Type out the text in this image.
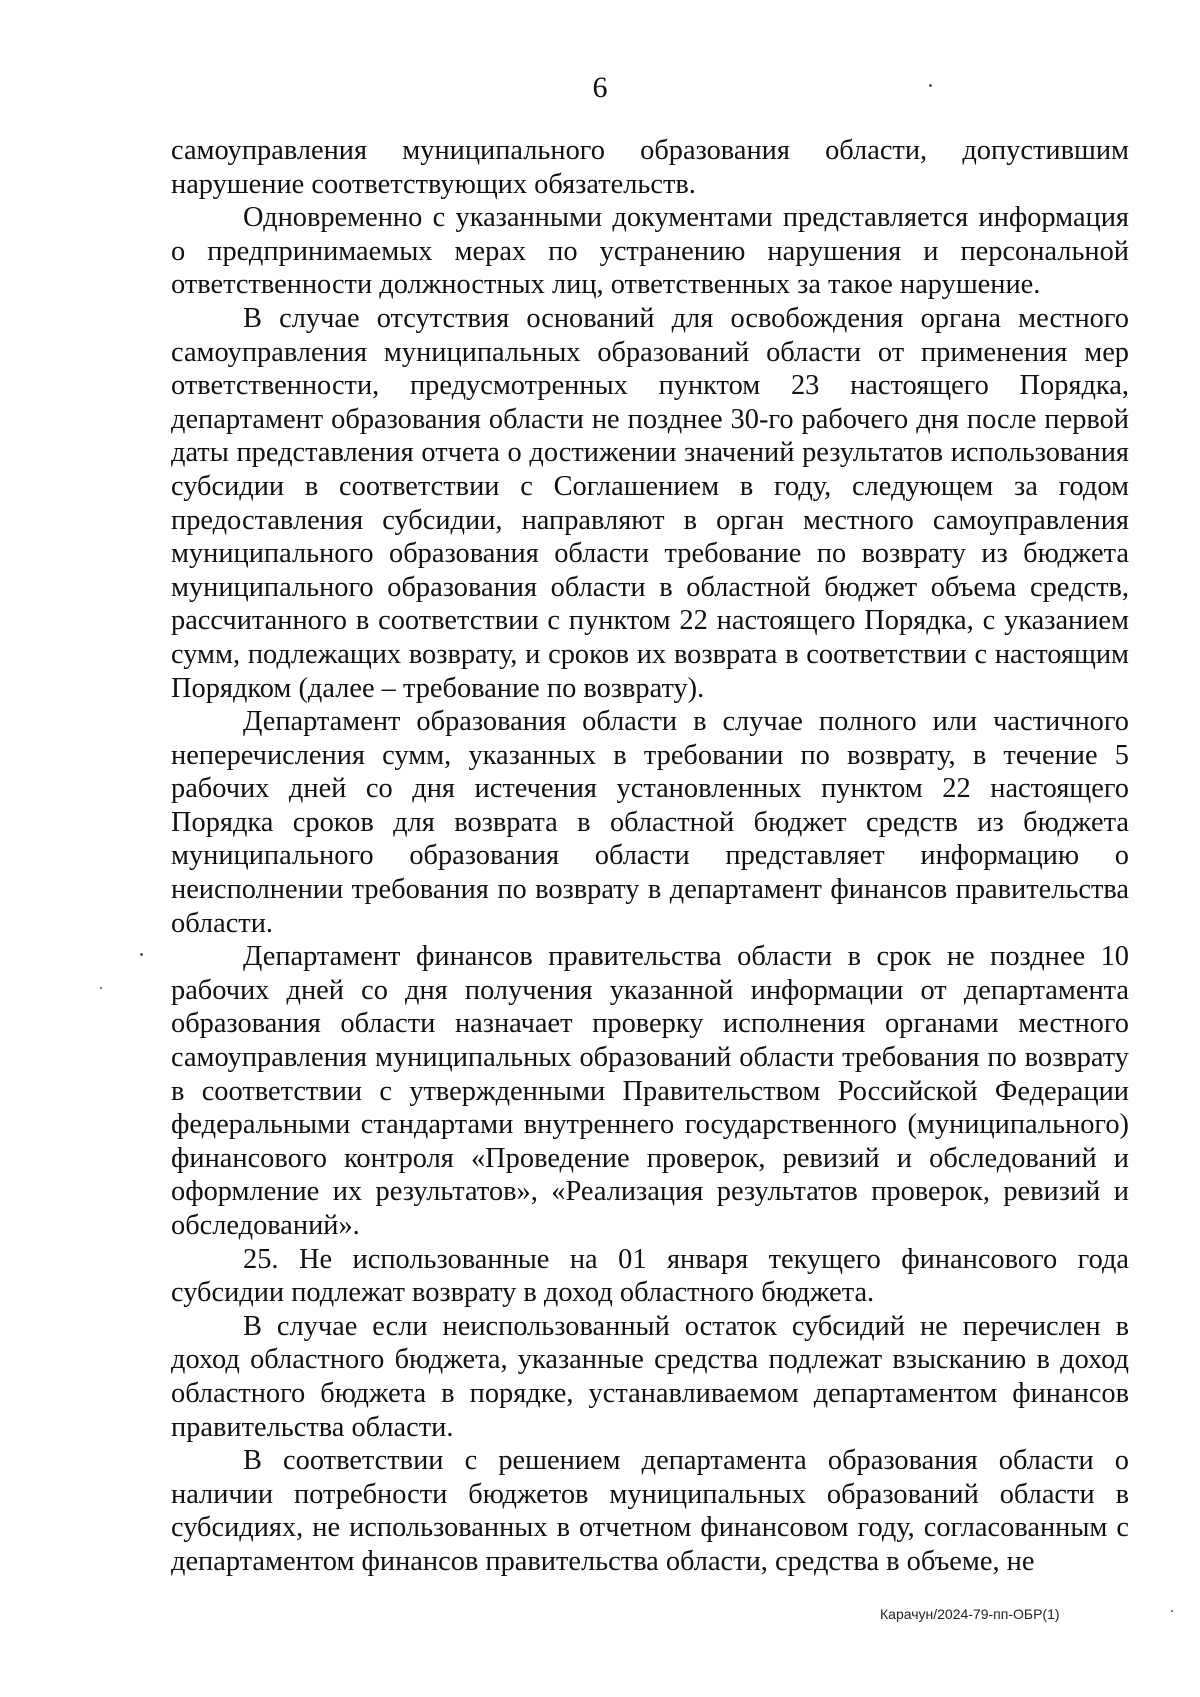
6

самоуправления муниципального образования области, допустившим нарушение соответствующих обязательств.

Одновременно с указанными документами представляется информация о предпринимаемых мерах по устранению нарушения и персональной ответственности должностных лиц, ответственных за такое нарушение.

В случае отсутствия оснований для освобождения органа местного самоуправления муниципальных образований области от применения мер ответственности, предусмотренных пунктом 23 настоящего Порядка, департамент образования области не позднее 30-го рабочего дня после первой даты представления отчета о достижении значений результатов использования субсидии в соответствии с Соглашением в году, следующем за годом предоставления субсидии, направляют в орган местного самоуправления муниципального образования области требование по возврату из бюджета муниципального образования области в областной бюджет объема средств, рассчитанного в соответствии с пунктом 22 настоящего Порядка, с указанием сумм, подлежащих возврату, и сроков их возврата в соответствии с настоящим Порядком (далее – требование по возврату).

Департамент образования области в случае полного или частичного неперечисления сумм, указанных в требовании по возврату, в течение 5 рабочих дней со дня истечения установленных пунктом 22 настоящего Порядка сроков для возврата в областной бюджет средств из бюджета муниципального образования области представляет информацию о неисполнении требования по возврату в департамент финансов правительства области.

Департамент финансов правительства области в срок не позднее 10 рабочих дней со дня получения указанной информации от департамента образования области назначает проверку исполнения органами местного самоуправления муниципальных образований области требования по возврату в соответствии с утвержденными Правительством Российской Федерации федеральными стандартами внутреннего государственного (муниципального) финансового контроля «Проведение проверок, ревизий и обследований и оформление их результатов», «Реализация результатов проверок, ревизий и обследований».

25. Не использованные на 01 января текущего финансового года субсидии подлежат возврату в доход областного бюджета.

В случае если неиспользованный остаток субсидий не перечислен в доход областного бюджета, указанные средства подлежат взысканию в доход областного бюджета в порядке, устанавливаемом департаментом финансов правительства области.

В соответствии с решением департамента образования области о наличии потребности бюджетов муниципальных образований области в субсидиях, не использованных в отчетном финансовом году, согласованным с департаментом финансов правительства области, средства в объеме, не

Карачун/2024-79-пп-ОБР(1)
